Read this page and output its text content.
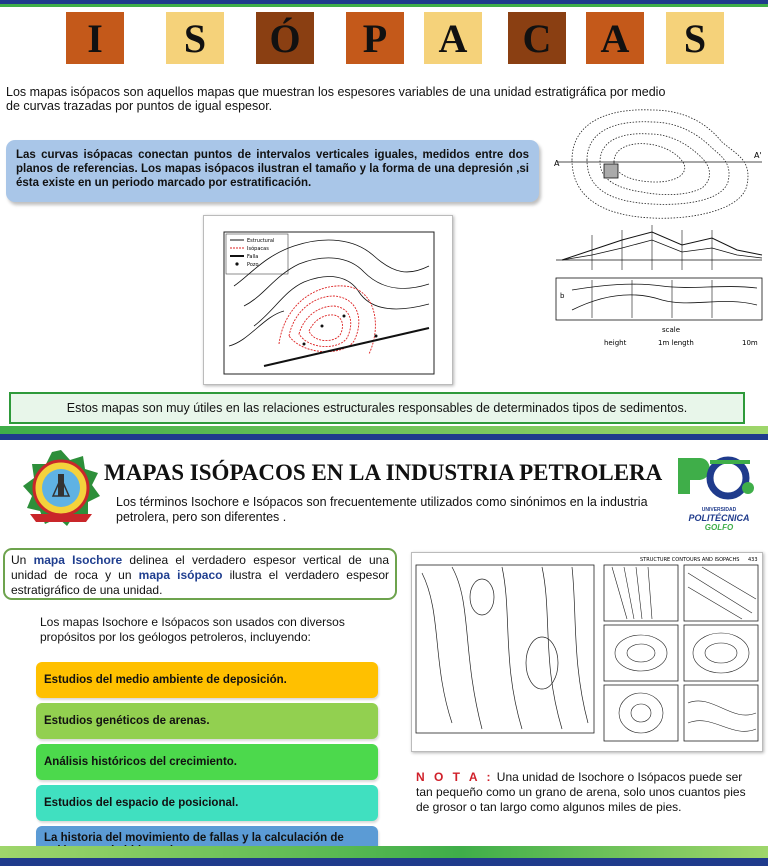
I	S	Ó	P	A	C	A	S

Los mapas isópacos son aquellos mapas que muestran los espesores variables de una unidad estratigráfica por medio de curvas trazadas por puntos de igual espesor.

Las curvas isópacas conectan puntos de intervalos verticales iguales, medidos entre dos planos de referencias. Los mapas isópacos ilustran el tamaño y la forma de una depresión ,si ésta existe en un periodo marcado por estratificación.
Estructural
Isópacas
Falla
Pozo
A
A'
b
scale
height	1m length	10m
Estos mapas son muy útiles en las relaciones estructurales responsables de determinados tipos de sedimentos.
MAPAS ISÓPACOS EN LA INDUSTRIA PETROLERA
UNIVERSIDAD
POLITÉCNICA
GOLFO

Los términos Isochore e Isópacos son frecuentemente utilizados como sinónimos en la industria petrolera, pero son diferentes .

Un mapa Isochore delinea el verdadero espesor vertical de una unidad de roca y un mapa isópaco ilustra el verdadero espesor estratigráfico de una unidad.

Los mapas Isochore e Isópacos son usados con diversos propósitos por los geólogos petroleros, incluyendo:

Estudios del medio ambiente de deposición.
Estudios genéticos de arenas.
Análisis históricos del crecimiento.
Estudios del espacio de posicional.
La historia del movimiento de fallas y la calculación de
STRUCTURE CONTOURS AND ISOPACHS 433

N O T A : Una unidad de Isochore o Isópacos puede ser tan pequeño como un grano de arena, solo unos cuantos pies de grosor o tan largo como algunos miles de pies.
